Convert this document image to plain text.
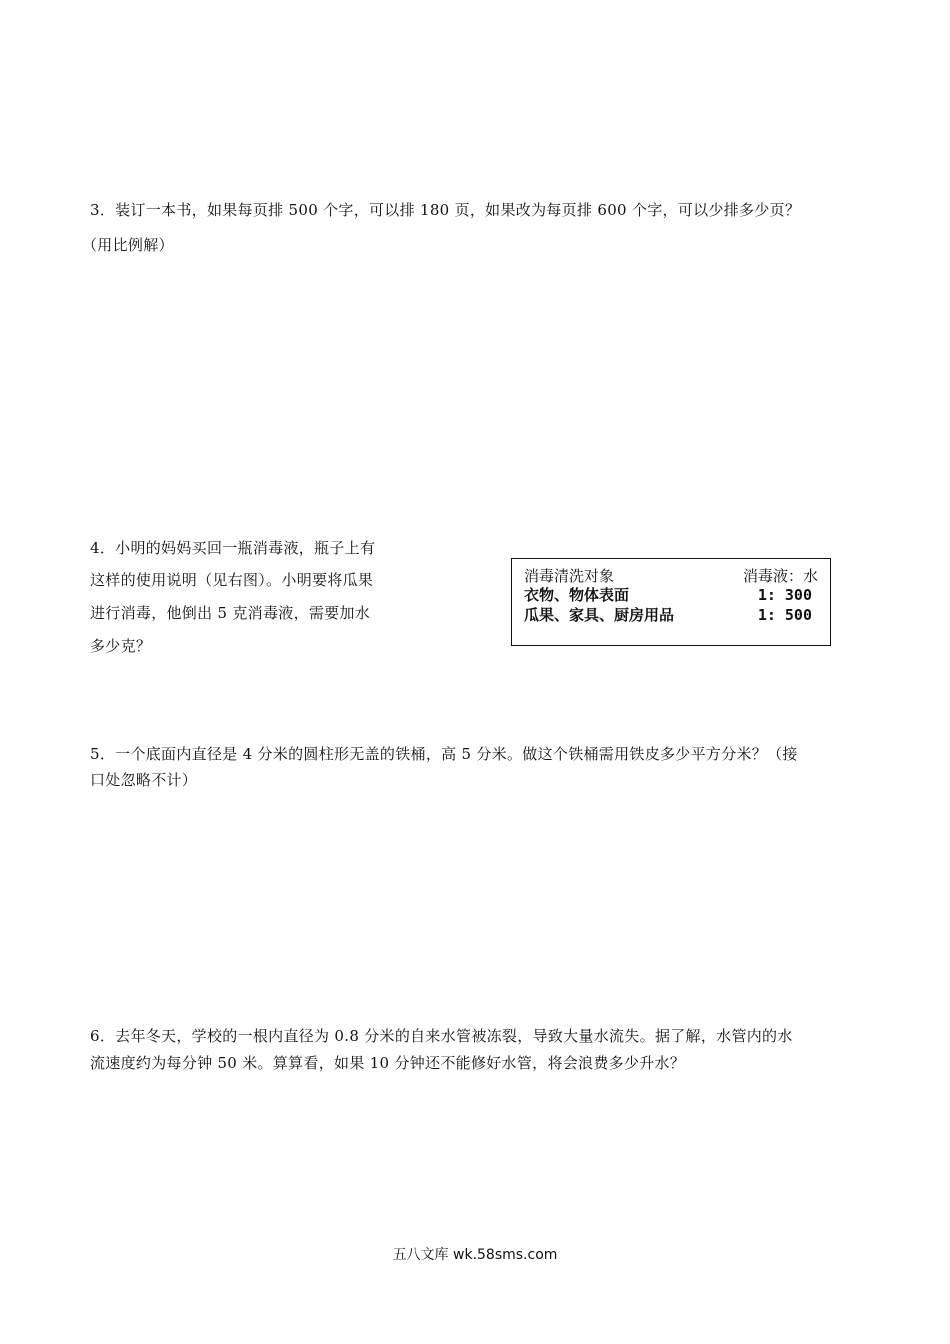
3．装订一本书，如果每页排 500 个字，可以排 180 页，如果改为每页排 600 个字，可以少排多少页？
（用比例解）
4．小明的妈妈买回一瓶消毒液，瓶子上有
这样的使用说明（见右图）。小明要将瓜果
进行消毒，他倒出 5 克消毒液，需要加水
多少克？
消毒清洗对象	消毒液：水
衣物、物体表面	1: 300
瓜果、家具、厨房用品	1: 500
5．一个底面内直径是 4 分米的圆柱形无盖的铁桶，高 5 分米。做这个铁桶需用铁皮多少平方分米？（接
口处忽略不计）
6．去年冬天，学校的一根内直径为 0.8 分米的自来水管被冻裂，导致大量水流失。据了解，水管内的水
流速度约为每分钟 50 米。算算看，如果 10 分钟还不能修好水管，将会浪费多少升水？
五八文库 wk.58sms.com
